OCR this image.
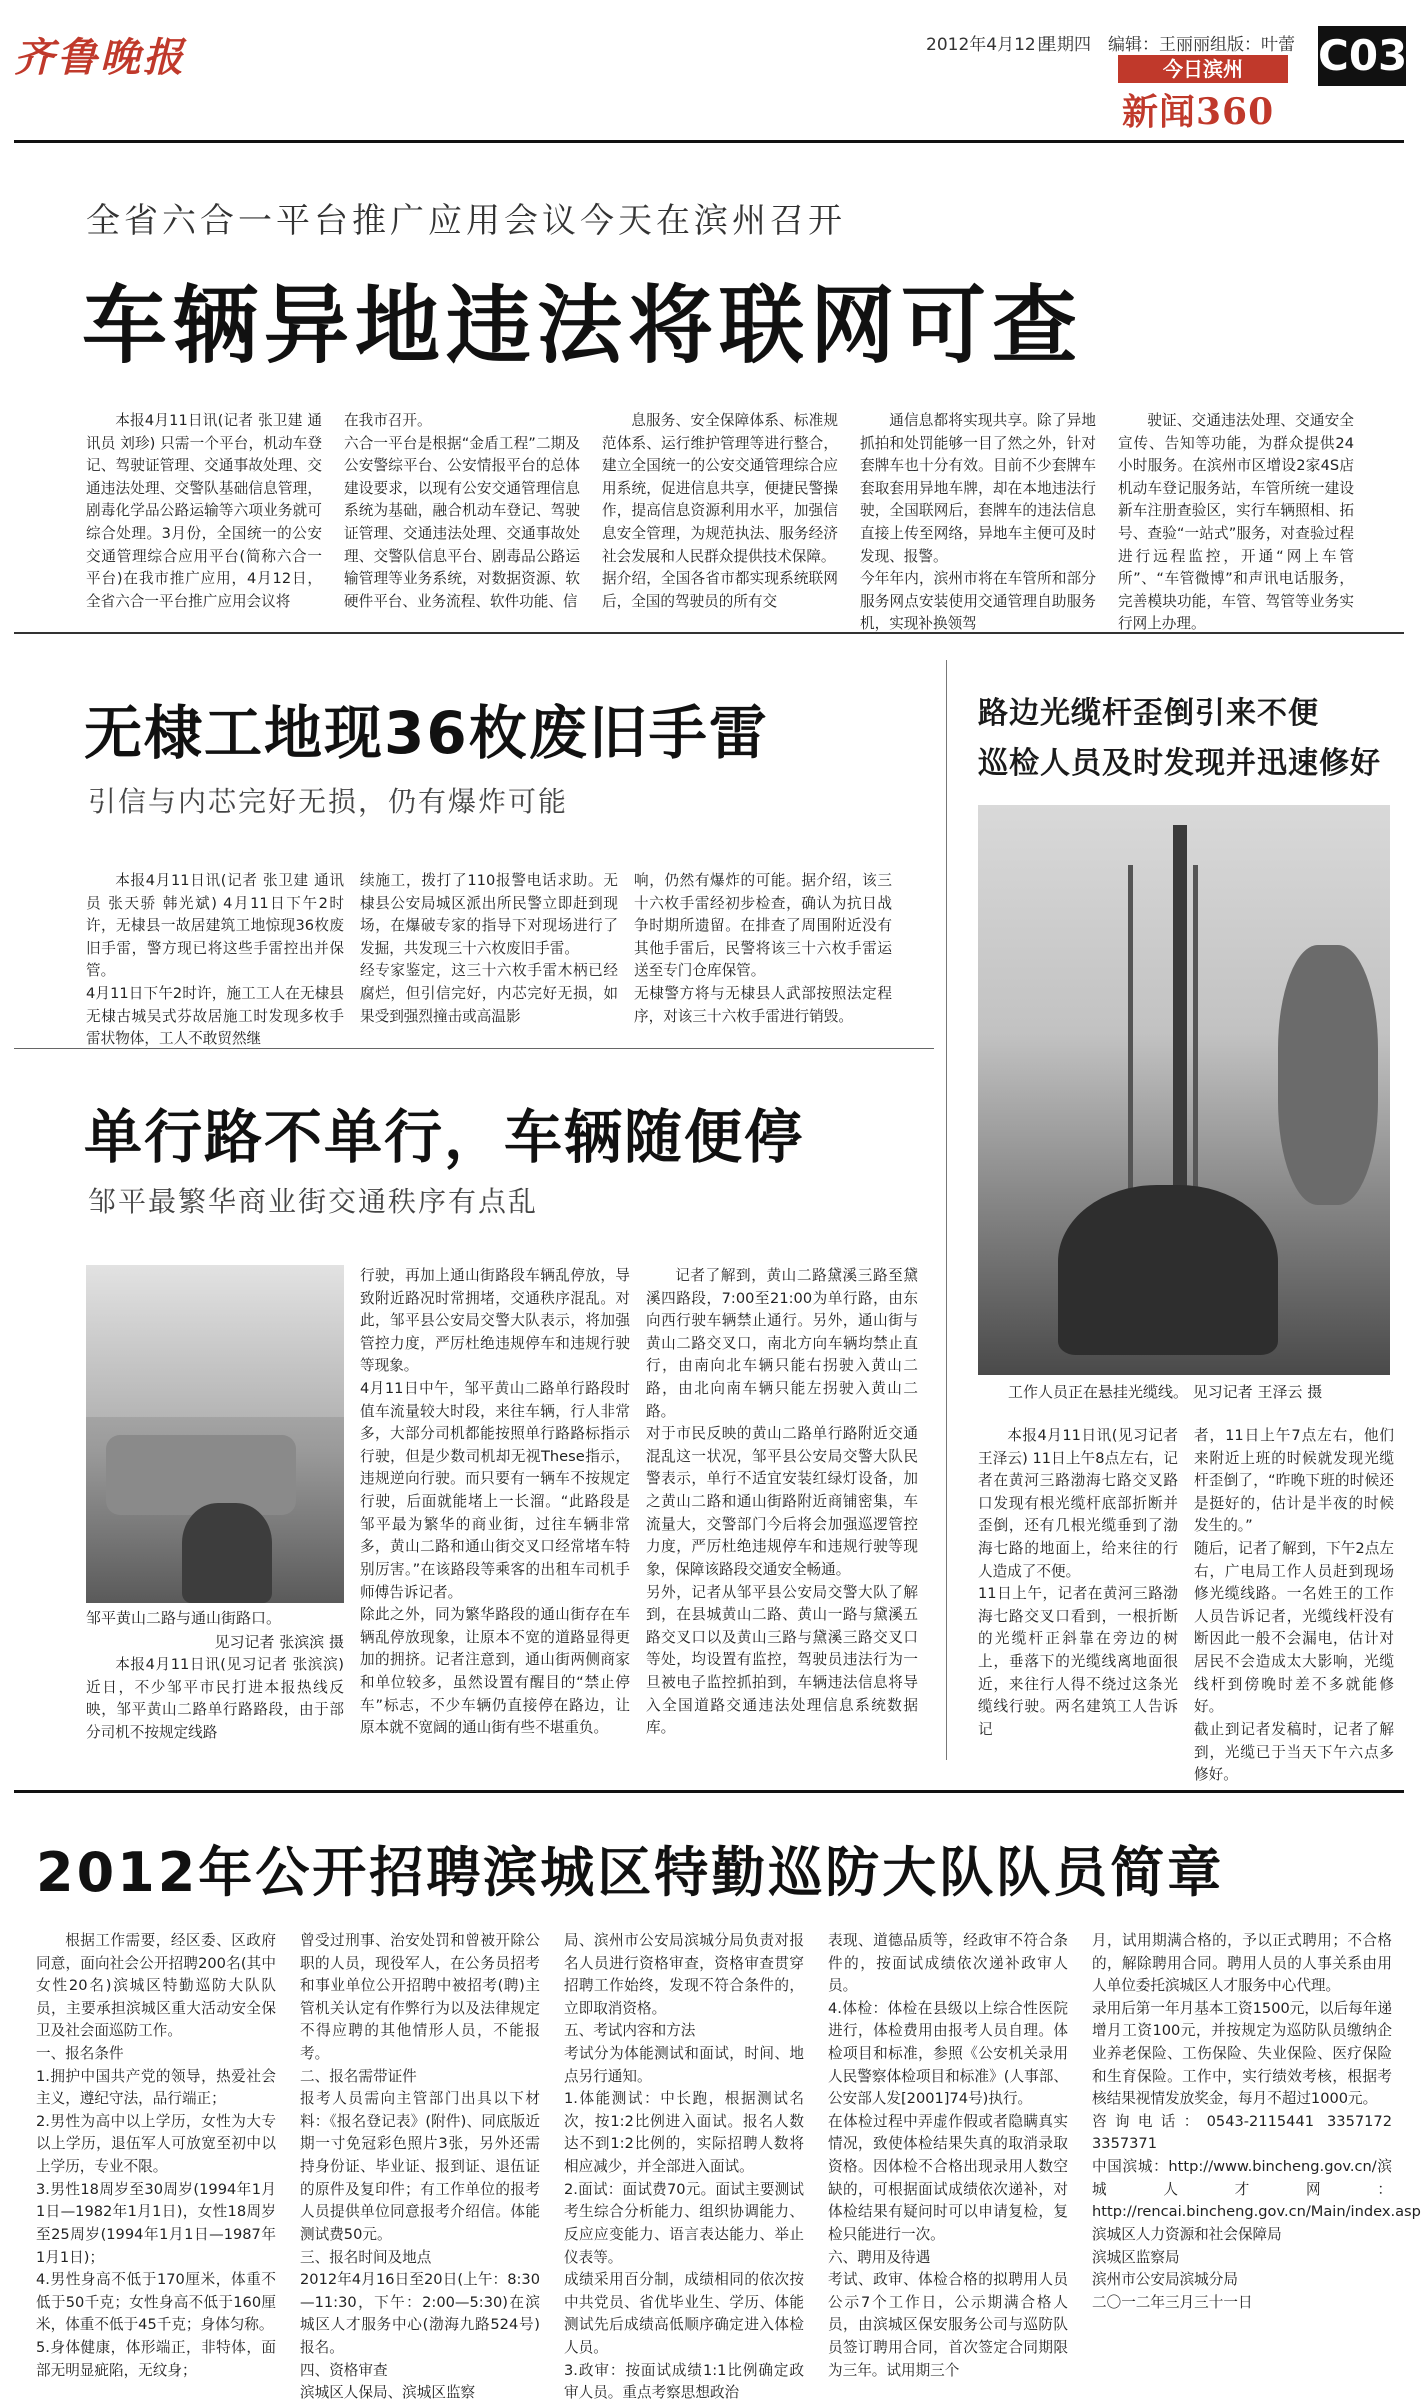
齐鲁晚报	2012年4月12日
星期四 编辑：王丽丽 组版：叶蕾
今日滨州
新闻360
C03
全省六合一平台推广应用会议今天在滨州召开
车辆异地违法将联网可查
本报4月11日讯(记者 张卫建 通讯员 刘珍) 只需一个平台，机动车登记、驾驶证管理、交通事故处理、交通违法处理、交警队基础信息管理，剧毒化学品公路运输等六项业务就可综合处理。3月份，全国统一的公安交通管理综合应用平台(简称六合一平台)在我市推广应用，4月12日，全省六合一平台推广应用会议将
在我市召开。
六合一平台是根据“金盾工程”二期及公安警综平台、公安情报平台的总体建设要求，以现有公安交通管理信息系统为基础，融合机动车登记、驾驶证管理、交通违法处理、交通事故处理、交警队信息平台、剧毒品公路运输管理等业务系统，对数据资源、软硬件平台、业务流程、软件功能、信
息服务、安全保障体系、标准规范体系、运行维护管理等进行整合，建立全国统一的公安交通管理综合应用系统，促进信息共享，便捷民警操作，提高信息资源利用水平，加强信息安全管理，为规范执法、服务经济社会发展和人民群众提供技术保障。
据介绍，全国各省市都实现系统联网后，全国的驾驶员的所有交
通信息都将实现共享。除了异地抓拍和处罚能够一目了然之外，针对套牌车也十分有效。目前不少套牌车套取套用异地车牌，却在本地违法行驶，全国联网后，套牌车的违法信息直接上传至网络，异地车主便可及时发现、报警。
今年年内，滨州市将在车管所和部分服务网点安装使用交通管理自助服务机，实现补换领驾
驶证、交通违法处理、交通安全宣传、告知等功能，为群众提供24小时服务。在滨州市区增设2家4S店机动车登记服务站，车管所统一建设新车注册查验区，实行车辆照相、拓号、查验“一站式”服务，对查验过程进行远程监控，开通“网上车管所”、“车管微博”和声讯电话服务，完善模块功能，车管、驾管等业务实行网上办理。
无棣工地现36枚废旧手雷
引信与内芯完好无损，仍有爆炸可能
本报4月11日讯(记者 张卫建 通讯员 张天骄 韩光斌) 4月11日下午2时许，无棣县一故居建筑工地惊现36枚废旧手雷，警方现已将这些手雷控出并保管。
4月11日下午2时许，施工工人在无棣县无棣古城吴式芬故居施工时发现多枚手雷状物体，工人不敢贸然继
续施工，拨打了110报警电话求助。无棣县公安局城区派出所民警立即赶到现场，在爆破专家的指导下对现场进行了发掘，共发现三十六枚废旧手雷。
经专家鉴定，这三十六枚手雷木柄已经腐烂，但引信完好，内芯完好无损，如果受到强烈撞击或高温影
响，仍然有爆炸的可能。据介绍，该三十六枚手雷经初步检查，确认为抗日战争时期所遗留。在排查了周围附近没有其他手雷后，民警将该三十六枚手雷运送至专门仓库保管。
无棣警方将与无棣县人武部按照法定程序，对该三十六枚手雷进行销毁。
单行路不单行，车辆随便停
邹平最繁华商业街交通秩序有点乱
邹平黄山二路与通山街路口。
见习记者 张滨滨 摄
本报4月11日讯(见习记者 张滨滨) 近日，不少邹平市民打进本报热线反映，邹平黄山二路单行路路段，由于部分司机不按规定线路
行驶，再加上通山街路段车辆乱停放，导致附近路况时常拥堵，交通秩序混乱。对此，邹平县公安局交警大队表示，将加强管控力度，严厉杜绝违规停车和违规行驶等现象。
4月11日中午，邹平黄山二路单行路段时值车流量较大时段，来往车辆，行人非常多，大部分司机都能按照单行路路标指示行驶，但是少数司机却无视These指示，违规逆向行驶。而只要有一辆车不按规定行驶，后面就能堵上一长溜。“此路段是邹平最为繁华的商业街，过往车辆非常多，黄山二路和通山街交叉口经常堵车特别厉害。”在该路段等乘客的出租车司机手师傅告诉记者。
除此之外，同为繁华路段的通山街存在车辆乱停放现象，让原本不宽的道路显得更加的拥挤。记者注意到，通山街两侧商家和单位较多，虽然设置有醒目的“禁止停车”标志，不少车辆仍直接停在路边，让原本就不宽阔的通山街有些不堪重负。
记者了解到，黄山二路黛溪三路至黛溪四路段，7:00至21:00为单行路，由东向西行驶车辆禁止通行。另外，通山街与黄山二路交叉口，南北方向车辆均禁止直行，由南向北车辆只能右拐驶入黄山二路，由北向南车辆只能左拐驶入黄山二路。
对于市民反映的黄山二路单行路附近交通混乱这一状况，邹平县公安局交警大队民警表示，单行不适宜安装红绿灯设备，加之黄山二路和通山街路附近商铺密集，车流量大，交警部门今后将会加强巡逻管控力度，严厉杜绝违规停车和违规行驶等现象，保障该路段交通安全畅通。
另外，记者从邹平县公安局交警大队了解到，在县城黄山二路、黄山一路与黛溪五路交叉口以及黄山三路与黛溪三路交叉口等处，均设置有监控，驾驶员违法行为一旦被电子监控抓拍到，车辆违法信息将导入全国道路交通违法处理信息系统数据库。
路边光缆杆歪倒引来不便
巡检人员及时发现并迅速修好
工作人员正在悬挂光缆线。 见习记者 王泽云 摄
本报4月11日讯(见习记者 王泽云) 11日上午8点左右，记者在黄河三路渤海七路交叉路口发现有根光缆杆底部折断并歪倒，还有几根光缆垂到了渤海七路的地面上，给来往的行人造成了不便。
11日上午，记者在黄河三路渤海七路交叉口看到，一根折断的光缆杆正斜靠在旁边的树上，垂落下的光缆线离地面很近，来往行人得不绕过这条光缆线行驶。两名建筑工人告诉记
者，11日上午7点左右，他们来附近上班的时候就发现光缆杆歪倒了，“昨晚下班的时候还是挺好的，估计是半夜的时候发生的。”
随后，记者了解到，下午2点左右，广电局工作人员赶到现场修光缆线路。一名姓王的工作人员告诉记者，光缆线杆没有断因此一般不会漏电，估计对居民不会造成太大影响，光缆线杆到傍晚时差不多就能修好。
截止到记者发稿时，记者了解到，光缆已于当天下午六点多修好。
2012年公开招聘滨城区特勤巡防大队队员简章
根据工作需要，经区委、区政府同意，面向社会公开招聘200名(其中女性20名)滨城区特勤巡防大队队员，主要承担滨城区重大活动安全保卫及社会面巡防工作。
一、报名条件
1.拥护中国共产党的领导，热爱社会主义，遵纪守法，品行端正；
2.男性为高中以上学历，女性为大专以上学历，退伍军人可放宽至初中以上学历，专业不限。
3.男性18周岁至30周岁(1994年1月1日—1982年1月1日)，女性18周岁至25周岁(1994年1月1日—1987年1月1日)；
4.男性身高不低于170厘米，体重不低于50千克；女性身高不低于160厘米，体重不低于45千克；身体匀称。
5.身体健康，体形端正，非特体，面部无明显疵陷，无纹身；
曾受过刑事、治安处罚和曾被开除公职的人员，现役军人，在公务员招考和事业单位公开招聘中被招考(聘)主管机关认定有作弊行为以及法律规定不得应聘的其他情形人员，不能报考。
二、报名需带证件
报考人员需向主管部门出具以下材料：《报名登记表》(附件)、同底版近期一寸免冠彩色照片3张，另外还需持身份证、毕业证、报到证、退伍证的原件及复印件；有工作单位的报考人员提供单位同意报考介绍信。体能测试费50元。
三、报名时间及地点
2012年4月16日至20日(上午：8:30—11:30，下午：2:00—5:30)在滨城区人才服务中心(渤海九路524号)报名。
四、资格审查
滨城区人保局、滨城区监察
局、滨州市公安局滨城分局负责对报名人员进行资格审查，资格审查贯穿招聘工作始终，发现不符合条件的，立即取消资格。
五、考试内容和方法
考试分为体能测试和面试，时间、地点另行通知。
1.体能测试：中长跑，根据测试名次，按1:2比例进入面试。报名人数达不到1:2比例的，实际招聘人数将相应减少，并全部进入面试。
2.面试：面试费70元。面试主要测试考生综合分析能力、组织协调能力、反应应变能力、语言表达能力、举止仪表等。
成绩采用百分制，成绩相同的依次按中共党员、省优毕业生、学历、体能测试先后成绩高低顺序确定进入体检人员。
3.政审：按面试成绩1:1比例确定政审人员。重点考察思想政治
表现、道德品质等，经政审不符合条件的，按面试成绩依次递补政审人员。
4.体检：体检在县级以上综合性医院进行，体检费用由报考人员自理。体检项目和标准，参照《公安机关录用人民警察体检项目和标准》(人事部、公安部人发[2001]74号)执行。
在体检过程中弄虚作假或者隐瞒真实情况，致使体检结果失真的取消录取资格。因体检不合格出现录用人数空缺的，可根据面试成绩依次递补，对体检结果有疑问时可以申请复检，复检只能进行一次。
六、聘用及待遇
考试、政审、体检合格的拟聘用人员公示7个工作日，公示期满合格人员，由滨城区保安服务公司与巡防队员签订聘用合同，首次签定合同期限为三年。试用期三个
月，试用期满合格的，予以正式聘用；不合格的，解除聘用合同。聘用人员的人事关系由用人单位委托滨城区人才服务中心代理。
录用后第一年月基本工资1500元，以后每年递增月工资100元，并按规定为巡防队员缴纳企业养老保险、工伤保险、失业保险、医疗保险和生育保险。工作中，实行绩效考核，根据考核结果视情发放奖金，每月不超过1000元。
咨询电话：0543-2115441 3357172 3357371
中国滨城：http://www.bincheng.gov.cn/滨城人才网：http://rencai.bincheng.gov.cn/Main/index.asp
滨城区人力资源和社会保障局
滨城区监察局
滨州市公安局滨城分局
二〇一二年三月三十一日
